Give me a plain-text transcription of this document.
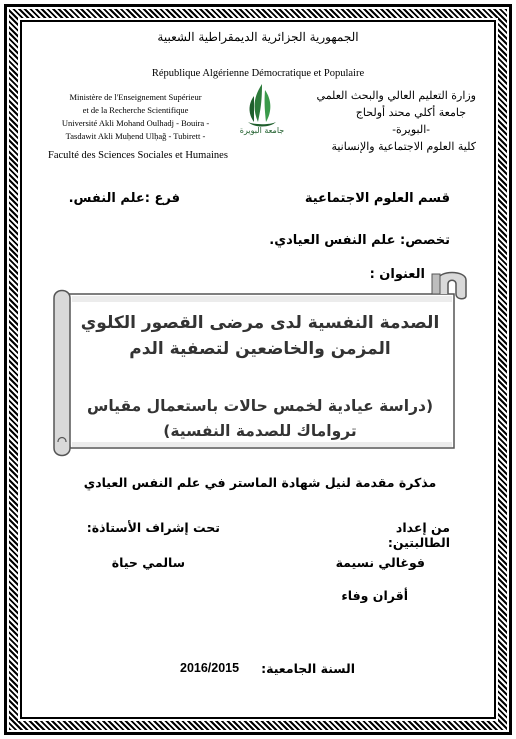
الجمهورية الجزائرية الديمقراطية الشعبية
République Algérienne Démocratique et Populaire
Ministère de l'Enseignement Supérieur
et de la Recherche Scientifique
Université Akli Mohand Oulhadj - Bouira -
Tasdawit Akli Muḥend Ulḥaǧ - Tubirett -
Faculté des Sciences Sociales et Humaines
وزارة التعليم العالي والبحث العلمي
جامعة أكلي محند أولحاج
-البويرة-
كلية العلوم الاجتماعية والإنسانية
جامعة البويرة
قسم العلوم الاجتماعية
فرع :علم النفس.
تخصص: علم النفس العيادي.
العنوان :
الصدمة النفسية لدى مرضى القصور الكلوي
المزمن والخاضعين لتصفية الدم
(دراسة عيادية لخمس حالات باستعمال مقياس
ترواماك للصدمة النفسية)
مذكرة مقدمة لنيل شهادة الماستر في علم النفس العيادي
من إعداد الطالبتين:
تحت إشراف الأستاذة:
فوغالي نسيمة
سالمي حياة
أقران وفاء
السنة الجامعية:
2016/2015
